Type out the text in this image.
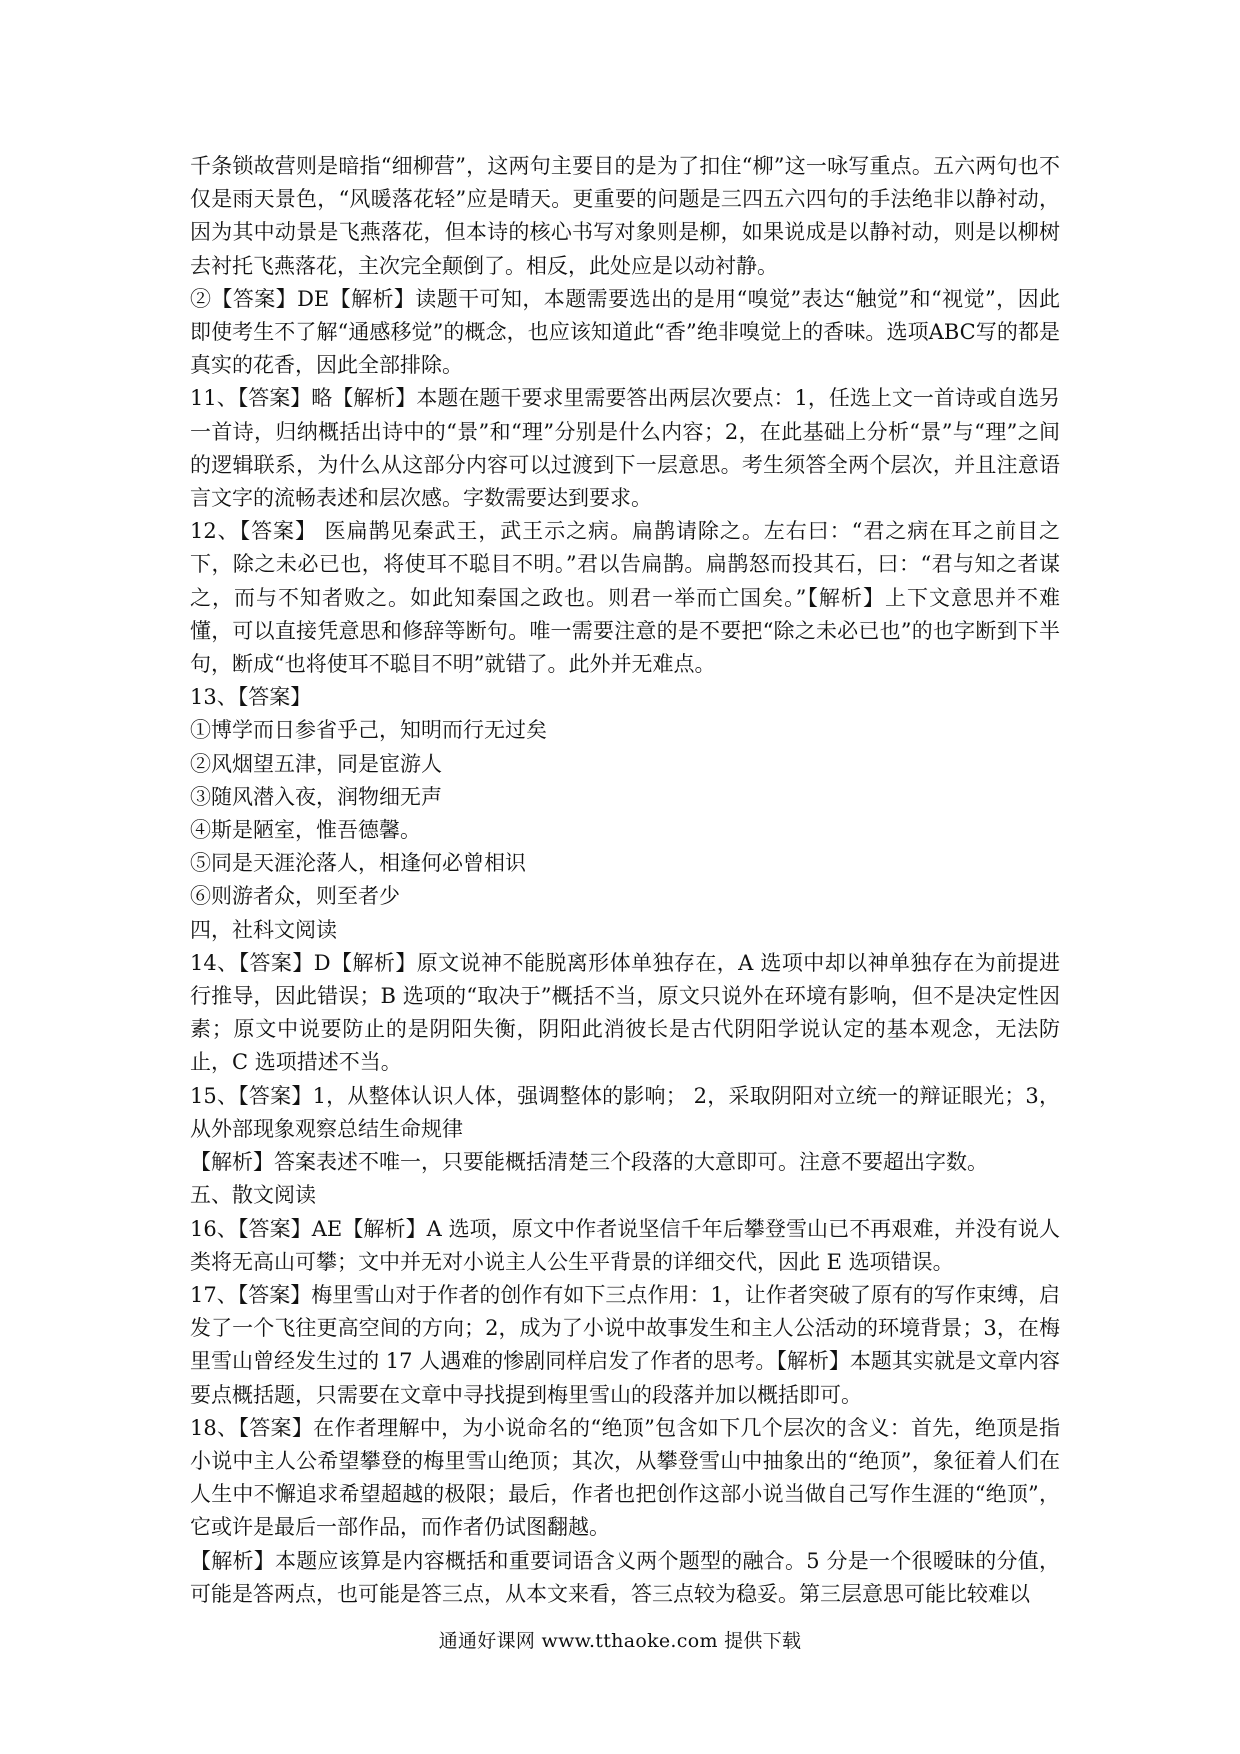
千条锁故营则是暗指“细柳营”，这两句主要目的是为了扣住“柳”这一咏写重点。五六两句也不仅是雨天景色，“风暖落花轻”应是晴天。更重要的问题是三四五六四句的手法绝非以静衬动，因为其中动景是飞燕落花，但本诗的核心书写对象则是柳，如果说成是以静衬动，则是以柳树去衬托飞燕落花，主次完全颠倒了。相反，此处应是以动衬静。

②【答案】DE【解析】读题干可知，本题需要选出的是用“嗅觉”表达“触觉”和“视觉”，因此即使考生不了解“通感移觉”的概念，也应该知道此“香”绝非嗅觉上的香味。选项ABC写的都是真实的花香，因此全部排除。

11、【答案】略【解析】本题在题干要求里需要答出两层次要点：1，任选上文一首诗或自选另一首诗，归纳概括出诗中的“景”和“理”分别是什么内容；2，在此基础上分析“景”与“理”之间的逻辑联系，为什么从这部分内容可以过渡到下一层意思。考生须答全两个层次，并且注意语言文字的流畅表述和层次感。字数需要达到要求。

12、【答案】 医扁鹊见秦武王，武王示之病。扁鹊请除之。左右曰：“君之病在耳之前目之下，除之未必已也，将使耳不聪目不明。”君以告扁鹊。扁鹊怒而投其石，曰：“君与知之者谋之，而与不知者败之。如此知秦国之政也。则君一举而亡国矣。”【解析】上下文意思并不难懂，可以直接凭意思和修辞等断句。唯一需要注意的是不要把“除之未必已也”的也字断到下半句，断成“也将使耳不聪目不明”就错了。此外并无难点。

13、【答案】

①博学而日参省乎己，知明而行无过矣

②风烟望五津，同是宦游人

③随风潜入夜，润物细无声

④斯是陋室，惟吾德馨。

⑤同是天涯沦落人，相逢何必曾相识

⑥则游者众，则至者少

四，社科文阅读

14、【答案】D【解析】原文说神不能脱离形体单独存在，A 选项中却以神单独存在为前提进行推导，因此错误；B 选项的“取决于”概括不当，原文只说外在环境有影响，但不是决定性因素；原文中说要防止的是阴阳失衡，阴阳此消彼长是古代阴阳学说认定的基本观念，无法防止，C 选项措述不当。

15、【答案】1，从整体认识人体，强调整体的影响； 2，采取阴阳对立统一的辩证眼光；3，从外部现象观察总结生命规律

【解析】答案表述不唯一，只要能概括清楚三个段落的大意即可。注意不要超出字数。

五、散文阅读

16、【答案】AE【解析】A 选项，原文中作者说坚信千年后攀登雪山已不再艰难，并没有说人类将无高山可攀；文中并无对小说主人公生平背景的详细交代，因此 E 选项错误。

17、【答案】梅里雪山对于作者的创作有如下三点作用：1，让作者突破了原有的写作束缚，启发了一个飞往更高空间的方向；2，成为了小说中故事发生和主人公活动的环境背景；3，在梅里雪山曾经发生过的 17 人遇难的惨剧同样启发了作者的思考。【解析】本题其实就是文章内容要点概括题，只需要在文章中寻找提到梅里雪山的段落并加以概括即可。

18、【答案】在作者理解中，为小说命名的“绝顶”包含如下几个层次的含义：首先，绝顶是指小说中主人公希望攀登的梅里雪山绝顶；其次，从攀登雪山中抽象出的“绝顶”，象征着人们在人生中不懈追求希望超越的极限；最后，作者也把创作这部小说当做自己写作生涯的“绝顶”，它或许是最后一部作品，而作者仍试图翻越。

【解析】本题应该算是内容概括和重要词语含义两个题型的融合。5 分是一个很暧昧的分值，可能是答两点，也可能是答三点，从本文来看，答三点较为稳妥。第三层意思可能比较难以

通通好课网 www.tthaoke.com 提供下载
